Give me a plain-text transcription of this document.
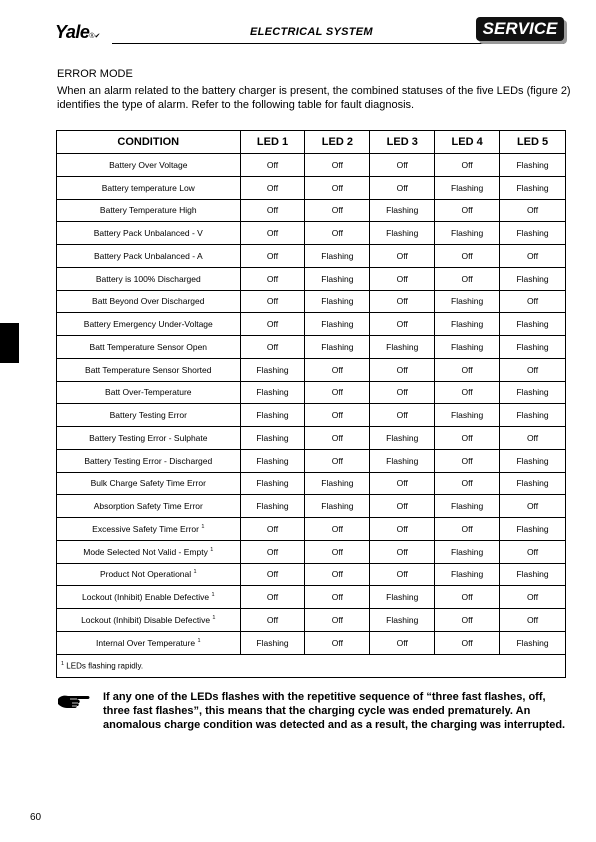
Yale®✔	ELECTRICAL SYSTEM	SERVICE
ERROR MODE
When an alarm related to the battery charger is present, the combined statuses of the five LEDs (figure 2) identifies the type of alarm. Refer to the following table for fault diagnosis.
CONDITION	LED 1	LED 2	LED 3	LED 4	LED 5
Battery Over Voltage	Off	Off	Off	Off	Flashing
Battery temperature Low	Off	Off	Off	Flashing	Flashing
Battery Temperature High	Off	Off	Flashing	Off	Off
Battery Pack Unbalanced - V	Off	Off	Flashing	Flashing	Flashing
Battery Pack Unbalanced - A	Off	Flashing	Off	Off	Off
Battery is 100% Discharged	Off	Flashing	Off	Off	Flashing
Batt Beyond Over Discharged	Off	Flashing	Off	Flashing	Off
Battery Emergency Under-Voltage	Off	Flashing	Off	Flashing	Flashing
Batt Temperature Sensor Open	Off	Flashing	Flashing	Flashing	Flashing
Batt Temperature Sensor Shorted	Flashing	Off	Off	Off	Off
Batt Over-Temperature	Flashing	Off	Off	Off	Flashing
Battery Testing Error	Flashing	Off	Off	Flashing	Flashing
Battery Testing Error - Sulphate	Flashing	Off	Flashing	Off	Off
Battery Testing Error - Discharged	Flashing	Off	Flashing	Off	Flashing
Bulk Charge Safety Time Error	Flashing	Flashing	Off	Off	Flashing
Absorption Safety Time Error	Flashing	Flashing	Off	Flashing	Off
Excessive Safety Time Error $^1$	Off	Off	Off	Off	Flashing
Mode Selected Not Valid - Empty $^1$	Off	Off	Off	Flashing	Off
Product Not Operational $^1$	Off	Off	Off	Flashing	Flashing
Lockout (Inhibit) Enable Defective $^1$	Off	Off	Flashing	Off	Off
Lockout (Inhibit) Disable Defective $^1$	Off	Off	Flashing	Off	Off
Internal Over Temperature $^1$	Flashing	Off	Off	Off	Flashing
$^1$ LEDs flashing rapidly.					
If any one of the LEDs flashes with the repetitive sequence of “three fast flashes, off, three fast flashes”, this means that the charging cycle was ended prematurely. An anomalous charge condition was detected and as a result, the charging was interrupted.
60
